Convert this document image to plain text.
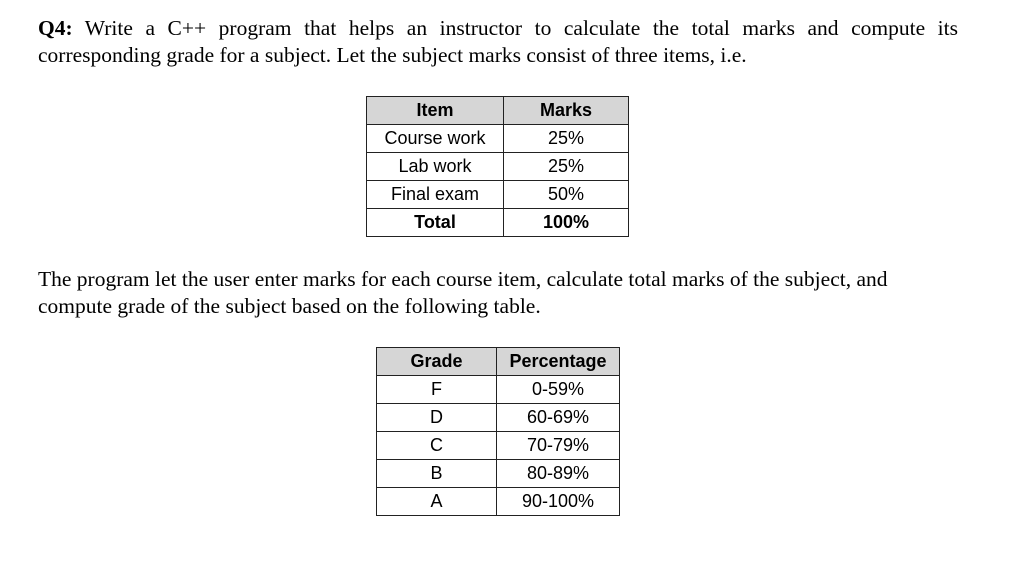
Q4: Write a C++ program that helps an instructor to calculate the total marks and compute its
corresponding grade for a subject. Let the subject marks consist of three items, i.e.

Item	Marks
Course work	25%
Lab work	25%
Final exam	50%
Total	100%

The program let the user enter marks for each course item, calculate total marks of the subject, and
compute grade of the subject based on the following table.

Grade	Percentage
F	0-59%
D	60-69%
C	70-79%
B	80-89%
A	90-100%
